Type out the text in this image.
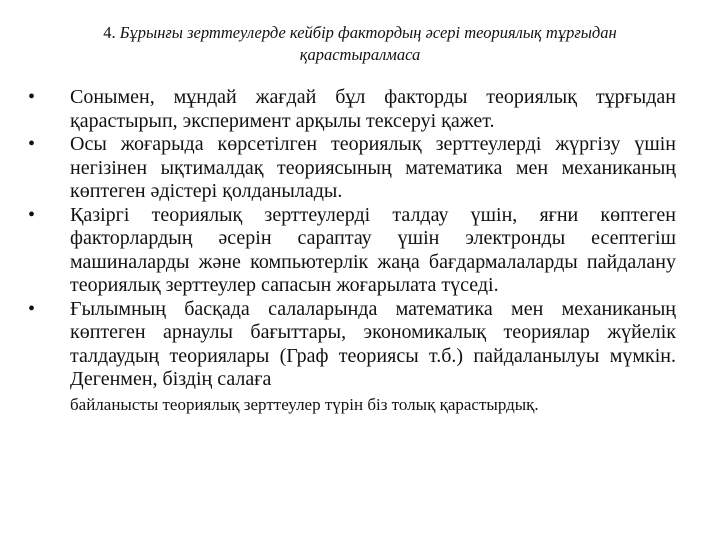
4. Бұрынғы зерттеулерде кейбір фактордың әсері теориялық тұрғыдан қарастыралмаса
•	Сонымен, мұндай жағдай бұл факторды теориялық тұрғыдан қарастырып, эксперимент арқылы тексеруі қажет.
•	Осы жоғарыда көрсетілген теориялық зерттеулерді жүргізу үшін негізінен ықтималдақ теориясының математика мен механиканың көптеген әдістері қолданылады.
•	Қазіргі теориялық зерттеулерді талдау үшін, яғни көптеген факторлардың әсерін сараптау үшін электронды есептегіш машиналарды және компьютерлік жаңа бағдармалаларды пайдалану теориялық зерттеулер сапасын жоғарылата түседі.
•	Ғылымның басқада салаларында математика мен механиканың көптеген арнаулы бағыттары, экономикалық теориялар жүйелік талдаудың теориялары (Граф теориясы т.б.) пайдаланылуы мүмкін. Дегенмен, біздің салаға
байланысты теориялық зерттеулер түрін біз толық қарастырдық.
